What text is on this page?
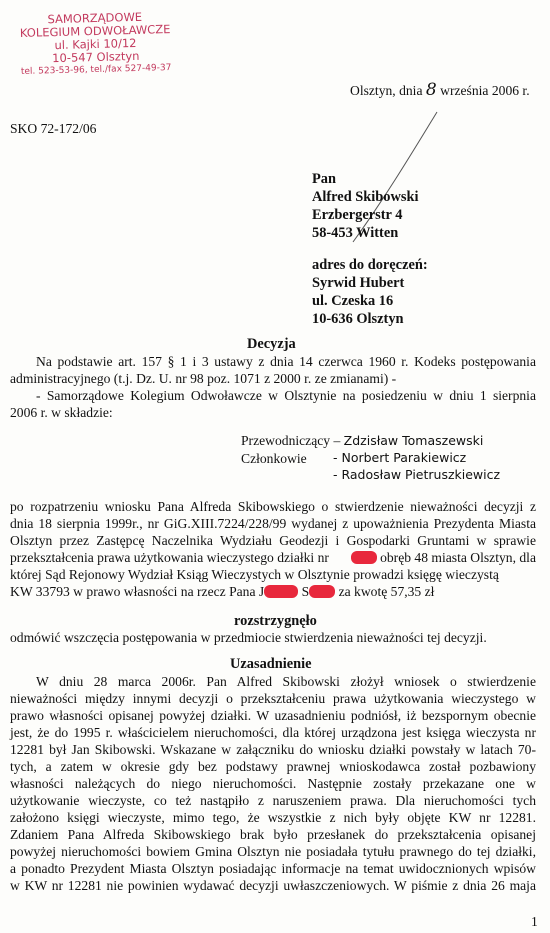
SAMORZĄDOWE
KOLEGIUM ODWOŁAWCZE
ul. Kajki 10/12
10-547 Olsztyn
tel. 523-53-96, tel./fax 527-49-37
Olsztyn, dnia 8 września 2006 r.
SKO 72-172/06
Pan
Alfred Skibowski
Erzbergerstr 4
58-453 Witten
adres do doręczeń:
Syrwid Hubert
ul. Czeska 16
10-636 Olsztyn
Decyzja
Na podstawie art. 157 § 1 i 3 ustawy z dnia 14 czerwca 1960 r. Kodeks postępowania
administracyjnego (t.j. Dz. U. nr 98 poz. 1071 z 2000 r. ze zmianami) -
- Samorządowe Kolegium Odwoławcze w Olsztynie na posiedzeniu w dniu 1 sierpnia
2006 r. w składzie:
Przewodniczący – Zdzisław Tomaszewski
Członkowie - Norbert Parakiewicz
- Radosław Pietruszkiewicz
po rozpatrzeniu wniosku Pana Alfreda Skibowskiego o stwierdzenie nieważności decyzji z
dnia 18 sierpnia 1999r., nr GiG.XIII.7224/228/99 wydanej z upoważnienia Prezydenta Miasta
Olsztyn przez Zastępcę Naczelnika Wydziału Geodezji i Gospodarki Gruntami w sprawie
przekształcenia prawa użytkowania wieczystego działki nr	obręb 48 miasta Olsztyn, dla
której Sąd Rejonowy Wydział Ksiąg Wieczystych w Olsztynie prowadzi księgę wieczystą
KW 33793 w prawo własności na rzecz Pana J	S za kwotę 57,35 zł
rozstrzygnęło
odmówić wszczęcia postępowania w przedmiocie stwierdzenia nieważności tej decyzji.
Uzasadnienie
W dniu 28 marca 2006r. Pan Alfred Skibowski złożył wniosek o stwierdzenie
nieważności między innymi decyzji o przekształceniu prawa użytkowania wieczystego w
prawo własności opisanej powyżej działki. W uzasadnieniu podniósł, iż bezspornym obecnie
jest, że do 1995 r. właścicielem nieruchomości, dla której urządzona jest księga wieczysta nr
12281 był Jan Skibowski. Wskazane w załączniku do wniosku działki powstały w latach 70-
tych, a zatem w okresie gdy bez podstawy prawnej wnioskodawca został pozbawiony
własności należących do niego nieruchomości. Następnie zostały przekazane one w
użytkowanie wieczyste, co też nastąpiło z naruszeniem prawa. Dla nieruchomości tych
założono księgi wieczyste, mimo tego, że wszystkie z nich były objęte KW nr 12281.
Zdaniem Pana Alfreda Skibowskiego brak było przesłanek do przekształcenia opisanej
powyżej nieruchomości bowiem Gmina Olsztyn nie posiadała tytułu prawnego do tej działki,
a ponadto Prezydent Miasta Olsztyn posiadając informacje na temat uwidocznionych wpisów
w KW nr 12281 nie powinien wydawać decyzji uwłaszczeniowych. W piśmie z dnia 26 maja
1
